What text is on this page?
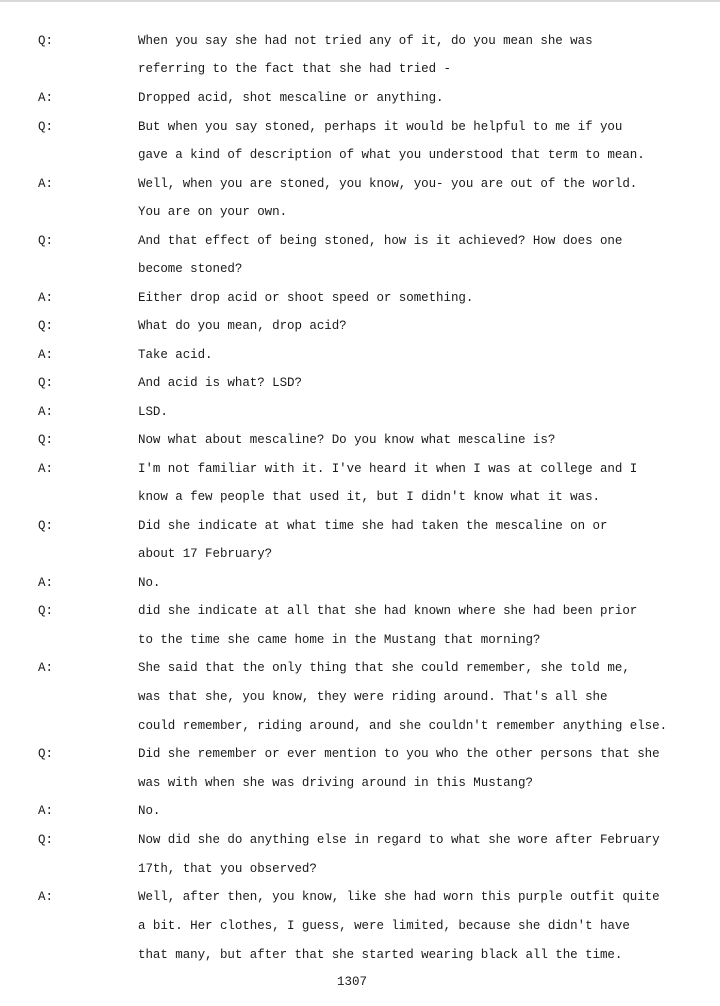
Q:	When you say she had not tried any of it, do you mean she was
referring to the fact that she had tried -
A:	Dropped acid, shot mescaline or anything.
Q:	But when you say stoned, perhaps it would be helpful to me if you
gave a kind of description of what you understood that term to mean.
A:	Well, when you are stoned, you know, you- you are out of the world.
You are on your own.
Q:	And that effect of being stoned, how is it achieved? How does one
become stoned?
A:	Either drop acid or shoot speed or something.
Q:	What do you mean, drop acid?
A:	Take acid.
Q:	And acid is what? LSD?
A:	LSD.
Q:	Now what about mescaline? Do you know what mescaline is?
A:	I'm not familiar with it. I've heard it when I was at college and I
know a few people that used it, but I didn't know what it was.
Q:	Did she indicate at what time she had taken the mescaline on or
about 17 February?
A:	No.
Q:	did she indicate at all that she had known where she had been prior
to the time she came home in the Mustang that morning?
A:	She said that the only thing that she could remember, she told me,
was that she, you know, they were riding around. That's all she
could remember, riding around, and she couldn't remember anything else.
Q:	Did she remember or ever mention to you who the other persons that she
was with when she was driving around in this Mustang?
A:	No.
Q:	Now did she do anything else in regard to what she wore after February
17th, that you observed?
A:	Well, after then, you know, like she had worn this purple outfit quite
a bit. Her clothes, I guess, were limited, because she didn't have
that many, but after that she started wearing black all the time.
1307
